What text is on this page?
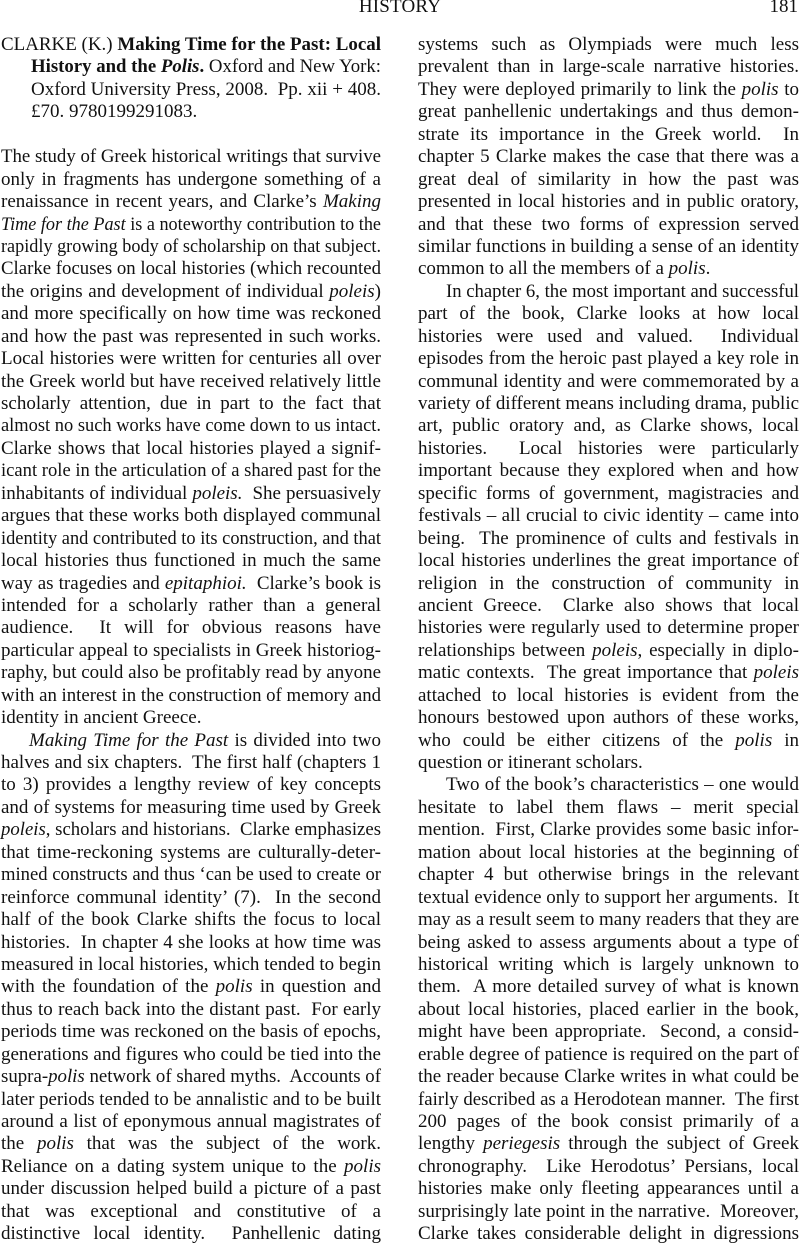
HISTORY	181
CLARKE (K.) Making Time for the Past: Local
History and the Polis. Oxford and New York:
Oxford University Press, 2008.  Pp. xii + 408.
£70. 9780199291083.
The study of Greek historical writings that survive
only in fragments has undergone something of a
renaissance in recent years, and Clarke’s Making
Time for the Past is a noteworthy contribution to the
rapidly growing body of scholarship on that subject.
Clarke focuses on local histories (which recounted
the origins and development of individual poleis)
and more specifically on how time was reckoned
and how the past was represented in such works.
Local histories were written for centuries all over
the Greek world but have received relatively little
scholarly attention, due in part to the fact that
almost no such works have come down to us intact.
Clarke shows that local histories played a signif-
icant role in the articulation of a shared past for the
inhabitants of individual poleis.  She persuasively
argues that these works both displayed communal
identity and contributed to its construction, and that
local histories thus functioned in much the same
way as tragedies and epitaphioi.  Clarke’s book is
intended for a scholarly rather than a general
audience.  It will for obvious reasons have
particular appeal to specialists in Greek historiog-
raphy, but could also be profitably read by anyone
with an interest in the construction of memory and
identity in ancient Greece.
Making Time for the Past is divided into two
halves and six chapters.  The first half (chapters 1
to 3) provides a lengthy review of key concepts
and of systems for measuring time used by Greek
poleis, scholars and historians.  Clarke emphasizes
that time-reckoning systems are culturally-deter-
mined constructs and thus ‘can be used to create or
reinforce communal identity’ (7).  In the second
half of the book Clarke shifts the focus to local
histories.  In chapter 4 she looks at how time was
measured in local histories, which tended to begin
with the foundation of the polis in question and
thus to reach back into the distant past.  For early
periods time was reckoned on the basis of epochs,
generations and figures who could be tied into the
supra-polis network of shared myths.  Accounts of
later periods tended to be annalistic and to be built
around a list of eponymous annual magistrates of
the polis that was the subject of the work.
Reliance on a dating system unique to the polis
under discussion helped build a picture of a past
that was exceptional and constitutive of a
distinctive local identity.  Panhellenic dating
systems such as Olympiads were much less
prevalent than in large-scale narrative histories.
They were deployed primarily to link the polis to
great panhellenic undertakings and thus demon-
strate its importance in the Greek world.  In
chapter 5 Clarke makes the case that there was a
great deal of similarity in how the past was
presented in local histories and in public oratory,
and that these two forms of expression served
similar functions in building a sense of an identity
common to all the members of a polis.
In chapter 6, the most important and successful
part of the book, Clarke looks at how local
histories were used and valued.  Individual
episodes from the heroic past played a key role in
communal identity and were commemorated by a
variety of different means including drama, public
art, public oratory and, as Clarke shows, local
histories.  Local histories were particularly
important because they explored when and how
specific forms of government, magistracies and
festivals – all crucial to civic identity – came into
being.  The prominence of cults and festivals in
local histories underlines the great importance of
religion in the construction of community in
ancient Greece.  Clarke also shows that local
histories were regularly used to determine proper
relationships between poleis, especially in diplo-
matic contexts.  The great importance that poleis
attached to local histories is evident from the
honours bestowed upon authors of these works,
who could be either citizens of the polis in
question or itinerant scholars.
Two of the book’s characteristics – one would
hesitate to label them flaws – merit special
mention.  First, Clarke provides some basic infor-
mation about local histories at the beginning of
chapter 4 but otherwise brings in the relevant
textual evidence only to support her arguments.  It
may as a result seem to many readers that they are
being asked to assess arguments about a type of
historical writing which is largely unknown to
them.  A more detailed survey of what is known
about local histories, placed earlier in the book,
might have been appropriate.  Second, a consid-
erable degree of patience is required on the part of
the reader because Clarke writes in what could be
fairly described as a Herodotean manner.  The first
200 pages of the book consist primarily of a
lengthy periegesis through the subject of Greek
chronography.  Like Herodotus’ Persians, local
histories make only fleeting appearances until a
surprisingly late point in the narrative.  Moreover,
Clarke takes considerable delight in digressions
